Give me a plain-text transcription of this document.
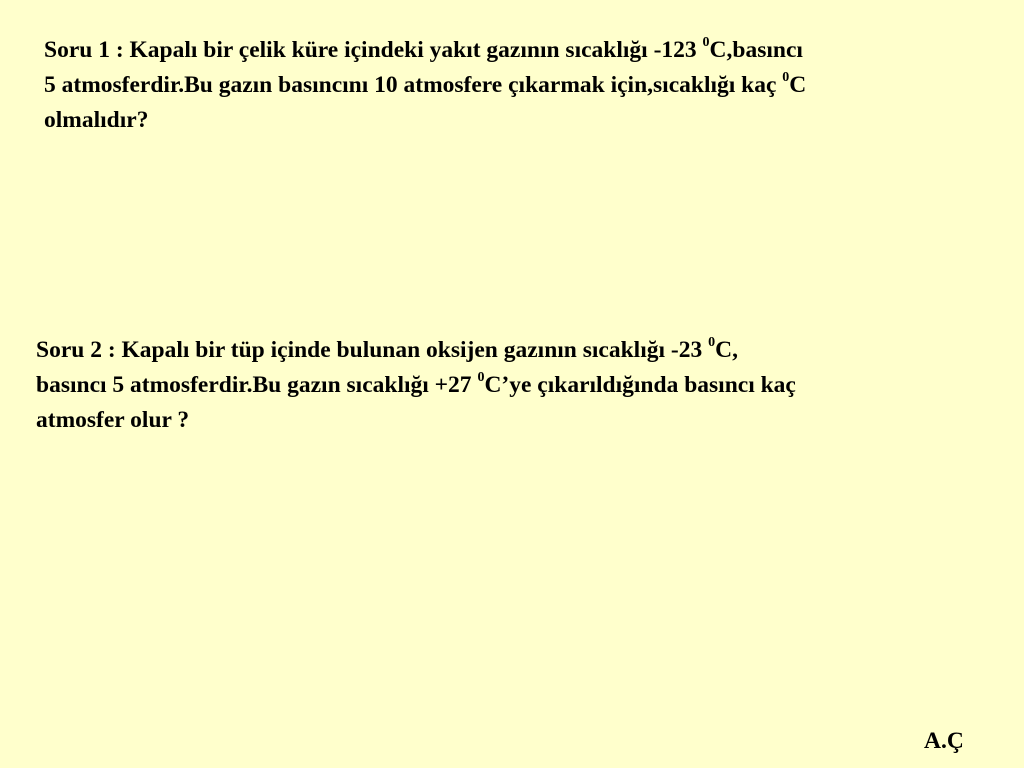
Soru 1 : Kapalı bir çelik küre içindeki yakıt gazının sıcaklığı -123 $^0$C,basıncı
5 atmosferdir.Bu gazın basıncını 10 atmosfere çıkarmak için,sıcaklığı kaç $^0$C
olmalıdır?

Soru 2 : Kapalı bir tüp içinde bulunan oksijen gazının sıcaklığı -23 $^0$C,
basıncı 5 atmosferdir.Bu gazın sıcaklığı +27 $^0$C’ye çıkarıldığında basıncı kaç
atmosfer olur ?

A.Ç
